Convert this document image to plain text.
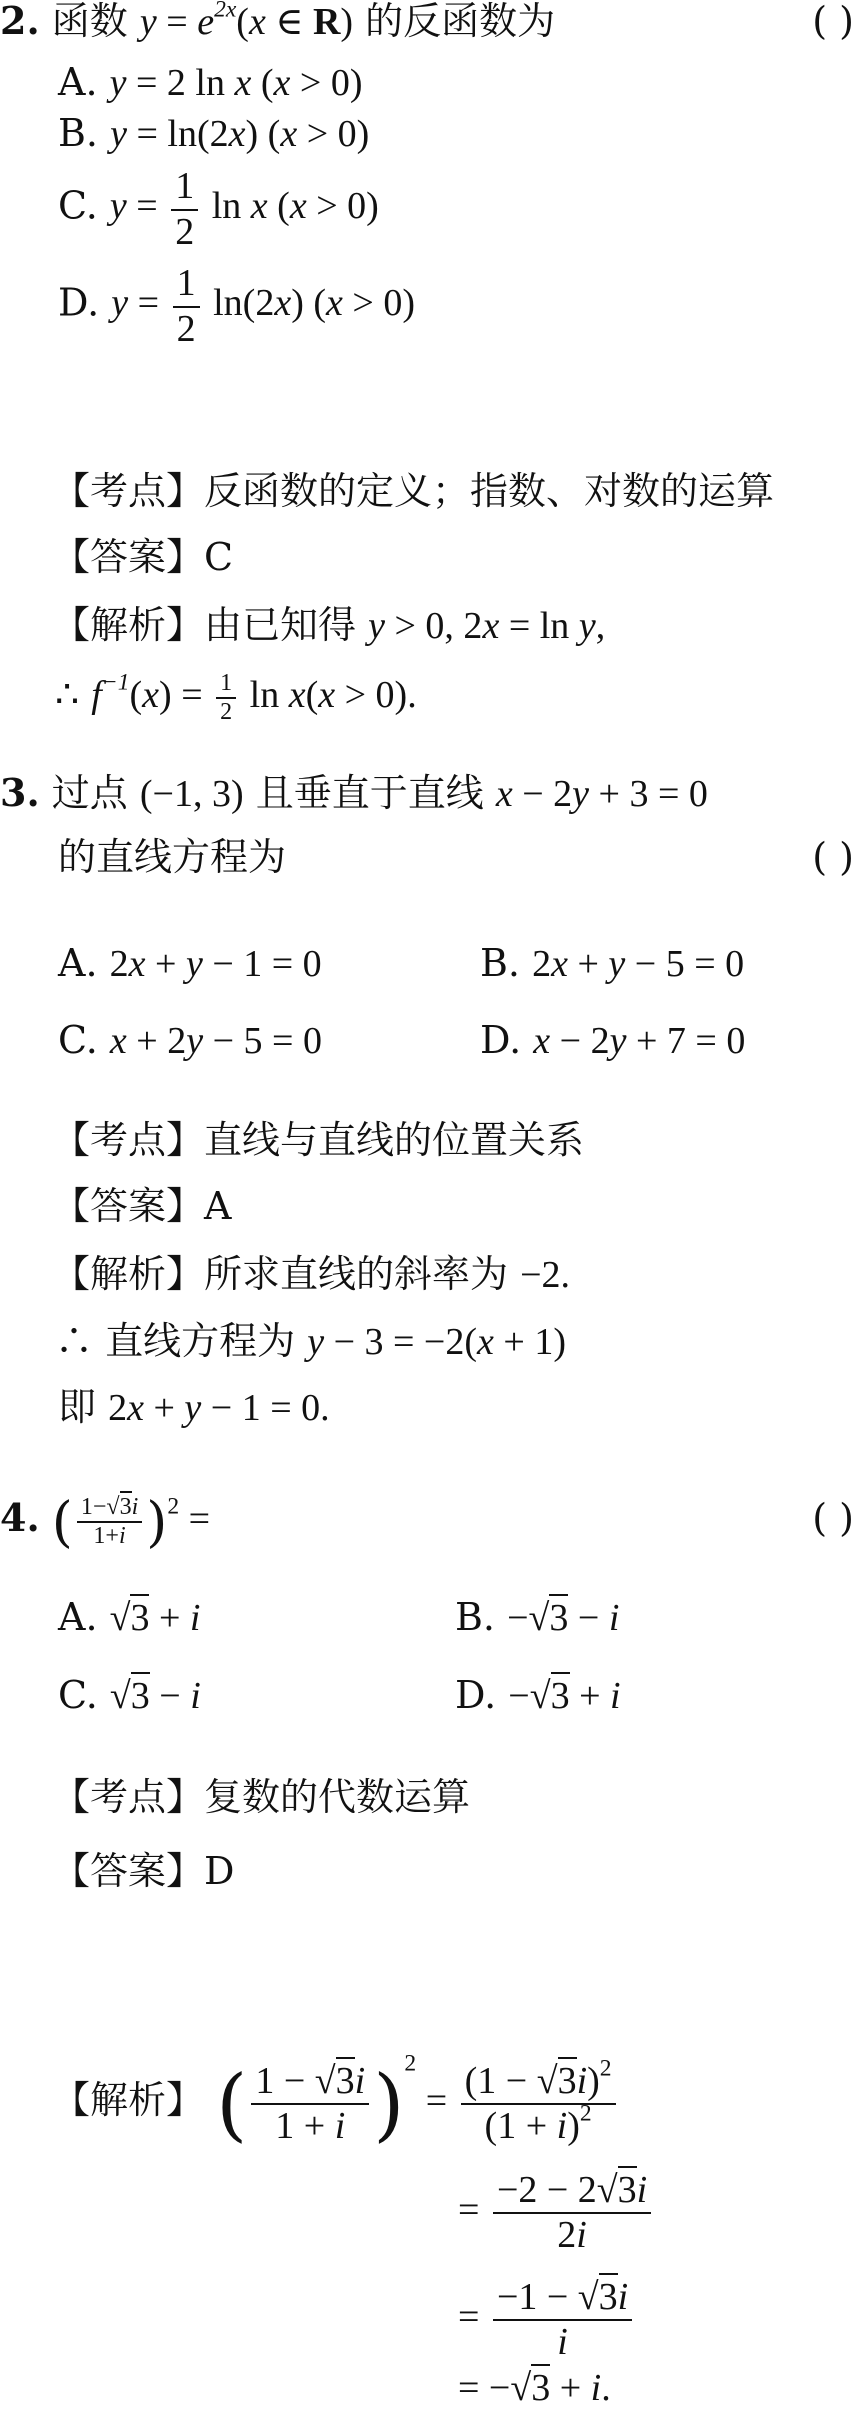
2. 函数 $y = e^{2x}(x$ ∈ R) 的反函数为	( )
A. y = 2 ln x (x > 0)
B. y = ln(2x) (x > 0)
C. $y = \frac{1}{2}$ ln x (x > 0)
D. $y = \frac{1}{2} \ln(2x) (x > 0)$
【考点】反函数的定义；指数、对数的运算
【答案】C
【解析】由已知得 y > 0, 2x = ln y,
∴ $f^{-1}(x) = \frac{1}{2}$ ln x(x > 0).
3. 过点 (−1, 3) 且垂直于直线 x − 2y + 3 = 0
的直线方程为	( )
A. 2x + y − 1 = 0	B. 2x + y − 5 = 0
C. x + 2y − 5 = 0	D. x − 2y + 7 = 0
【考点】直线与直线的位置关系
【答案】A
【解析】所求直线的斜率为 −2.
∴ 直线方程为 y − 3 = −2(x + 1)
即 2x + y − 1 = 0.
4. ( $\frac{1-√3i}{1+i} )^2$ =	( )
A. √3 + i	B. −√3 − i
C. √3 − i	D. −√3 + i
【考点】复数的代数运算
【答案】D
【解析】 ( $\frac{1 - √3i}{1 + i} )^2 = \frac{(1 - √3i)^2}{(1 + i)^2}$
= $\frac{-2 - 2√3i}{2i}$
= $\frac{-1 - √3i}{i}$
= −√3 + i.
